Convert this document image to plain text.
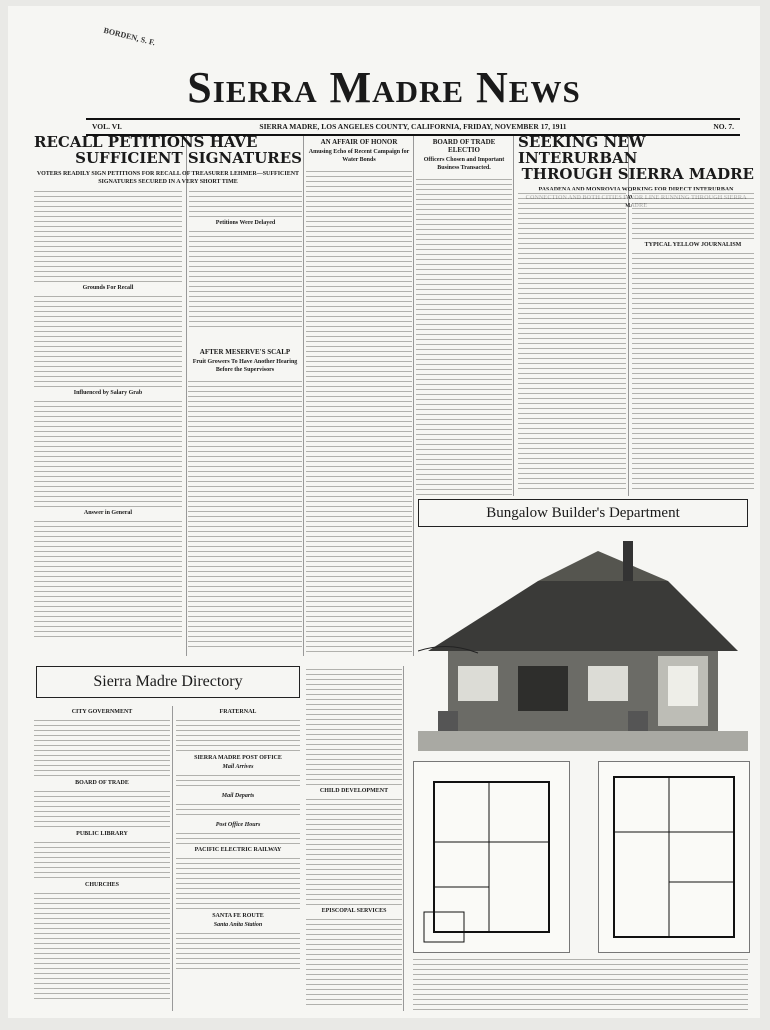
BORDEN, S. F.
Sierra Madre News
VOL. VI.	SIERRA MADRE, LOS ANGELES COUNTY, CALIFORNIA, FRIDAY, NOVEMBER 17, 1911	NO. 7.
RECALL PETITIONS HAVE
SUFFICIENT SIGNATURES
VOTERS READILY SIGN PETITIONS FOR RECALL OF TREASURER LEHMER—SUFFICIENT SIGNATURES SECURED IN A VERY SHORT TIME
Grounds For Recall
Influenced by Salary Grab
Answer in General
Petitions Were Delayed
AFTER MESERVE'S SCALP
Fruit Growers To Have Another Hearing Before the Supervisors
AN AFFAIR OF HONOR
Amusing Echo of Recent Campaign for Water Bonds
BOARD OF TRADE ELECTIO
Officers Chosen and Important Business Transacted.
SEEKING NEW INTERURBAN
THROUGH SIERRA MADRE
TYPICAL YELLOW JOURNALISM
Bungalow Builder's Department
CHILD DEVELOPMENT
EPISCOPAL SERVICES
Sierra Madre Directory
CITY GOVERNMENT
BOARD OF TRADE
PUBLIC LIBRARY
CHURCHES
FRATERNAL
SIERRA MADRE POST OFFICE
Mail Arrives
Mail Departs
Post Office Hours
PACIFIC ELECTRIC RAILWAY
SANTA FE ROUTE
Santa Anita Station
